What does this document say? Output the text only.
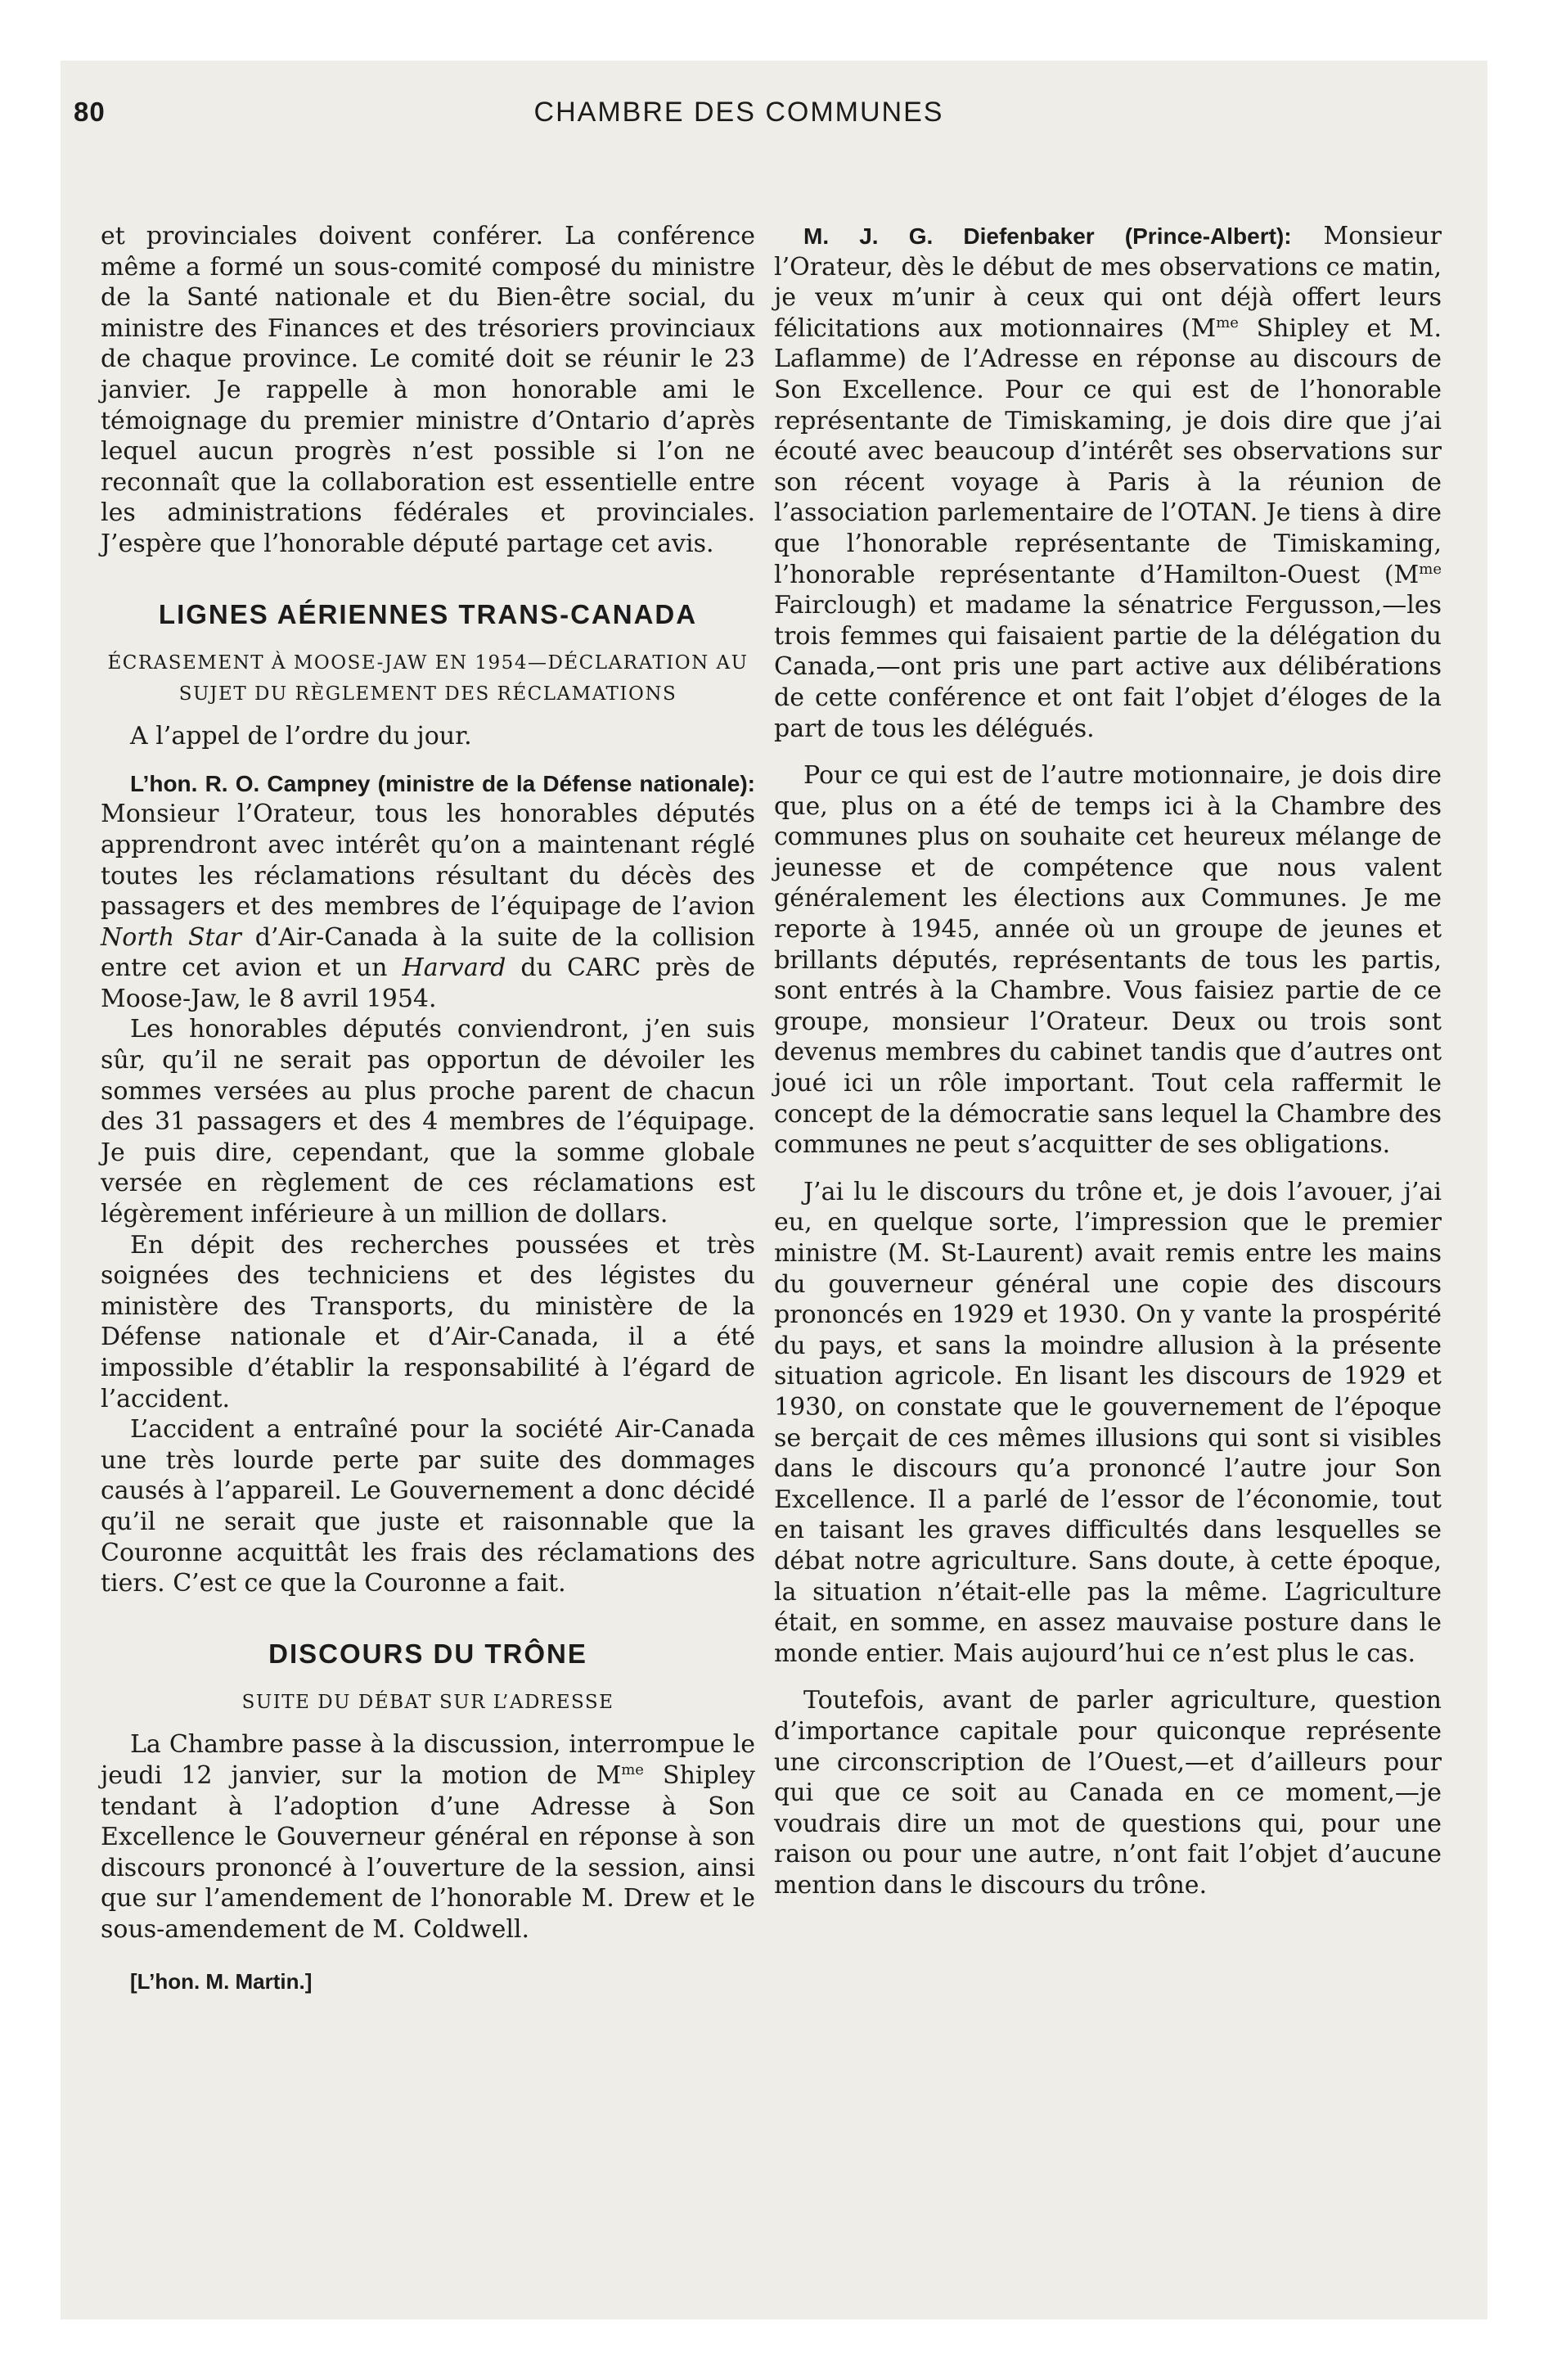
80	CHAMBRE DES COMMUNES

et provinciales doivent conférer. La conférence même a formé un sous-comité composé du ministre de la Santé nationale et du Bien-être social, du ministre des Finances et des trésoriers provinciaux de chaque province. Le comité doit se réunir le 23 janvier. Je rappelle à mon honorable ami le témoignage du premier ministre d’Ontario d’après lequel aucun progrès n’est possible si l’on ne reconnaît que la collaboration est essentielle entre les administrations fédérales et provinciales. J’espère que l’honorable député partage cet avis.

LIGNES AÉRIENNES TRANS-CANADA
ÉCRASEMENT À MOOSE-JAW EN 1954—DÉCLARATION AU SUJET DU RÈGLEMENT DES RÉCLAMATIONS

A l’appel de l’ordre du jour.

L’hon. R. O. Campney (ministre de la Défense nationale): Monsieur l’Orateur, tous les honorables députés apprendront avec intérêt qu’on a maintenant réglé toutes les réclamations résultant du décès des passagers et des membres de l’équipage de l’avion North Star d’Air-Canada à la suite de la collision entre cet avion et un Harvard du CARC près de Moose-Jaw, le 8 avril 1954.

Les honorables députés conviendront, j’en suis sûr, qu’il ne serait pas opportun de dévoiler les sommes versées au plus proche parent de chacun des 31 passagers et des 4 membres de l’équipage. Je puis dire, cependant, que la somme globale versée en règlement de ces réclamations est légèrement inférieure à un million de dollars.

En dépit des recherches poussées et très soignées des techniciens et des légistes du ministère des Transports, du ministère de la Défense nationale et d’Air-Canada, il a été impossible d’établir la responsabilité à l’égard de l’accident.

L’accident a entraîné pour la société Air-Canada une très lourde perte par suite des dommages causés à l’appareil. Le Gouvernement a donc décidé qu’il ne serait que juste et raisonnable que la Couronne acquittât les frais des réclamations des tiers. C’est ce que la Couronne a fait.

DISCOURS DU TRÔNE
SUITE DU DÉBAT SUR L’ADRESSE

La Chambre passe à la discussion, interrompue le jeudi 12 janvier, sur la motion de $M^{me}$ Shipley tendant à l’adoption d’une Adresse à Son Excellence le Gouverneur général en réponse à son discours prononcé à l’ouverture de la session, ainsi que sur l’amendement de l’honorable M. Drew et le sous-amendement de M. Coldwell.

[L’hon. M. Martin.]

M. J. G. Diefenbaker (Prince-Albert): Monsieur l’Orateur, dès le début de mes observations ce matin, je veux m’unir à ceux qui ont déjà offert leurs félicitations aux motionnaires ($M^{me}$ Shipley et M. Laflamme) de l’Adresse en réponse au discours de Son Excellence. Pour ce qui est de l’honorable représentante de Timiskaming, je dois dire que j’ai écouté avec beaucoup d’intérêt ses observations sur son récent voyage à Paris à la réunion de l’association parlementaire de l’OTAN. Je tiens à dire que l’honorable représentante de Timiskaming, l’honorable représentante d’Hamilton-Ouest ($M^{me}$ Fairclough) et madame la sénatrice Fergusson,—les trois femmes qui faisaient partie de la délégation du Canada,—ont pris une part active aux délibérations de cette conférence et ont fait l’objet d’éloges de la part de tous les délégués.

Pour ce qui est de l’autre motionnaire, je dois dire que, plus on a été de temps ici à la Chambre des communes plus on souhaite cet heureux mélange de jeunesse et de compétence que nous valent généralement les élections aux Communes. Je me reporte à 1945, année où un groupe de jeunes et brillants députés, représentants de tous les partis, sont entrés à la Chambre. Vous faisiez partie de ce groupe, monsieur l’Orateur. Deux ou trois sont devenus membres du cabinet tandis que d’autres ont joué ici un rôle important. Tout cela raffermit le concept de la démocratie sans lequel la Chambre des communes ne peut s’acquitter de ses obligations.

J’ai lu le discours du trône et, je dois l’avouer, j’ai eu, en quelque sorte, l’impression que le premier ministre (M. St-Laurent) avait remis entre les mains du gouverneur général une copie des discours prononcés en 1929 et 1930. On y vante la prospérité du pays, et sans la moindre allusion à la présente situation agricole. En lisant les discours de 1929 et 1930, on constate que le gouvernement de l’époque se berçait de ces mêmes illusions qui sont si visibles dans le discours qu’a prononcé l’autre jour Son Excellence. Il a parlé de l’essor de l’économie, tout en taisant les graves difficultés dans lesquelles se débat notre agriculture. Sans doute, à cette époque, la situation n’était-elle pas la même. L’agriculture était, en somme, en assez mauvaise posture dans le monde entier. Mais aujourd’hui ce n’est plus le cas.

Toutefois, avant de parler agriculture, question d’importance capitale pour quiconque représente une circonscription de l’Ouest,—et d’ailleurs pour qui que ce soit au Canada en ce moment,—je voudrais dire un mot de questions qui, pour une raison ou pour une autre, n’ont fait l’objet d’aucune mention dans le discours du trône.
